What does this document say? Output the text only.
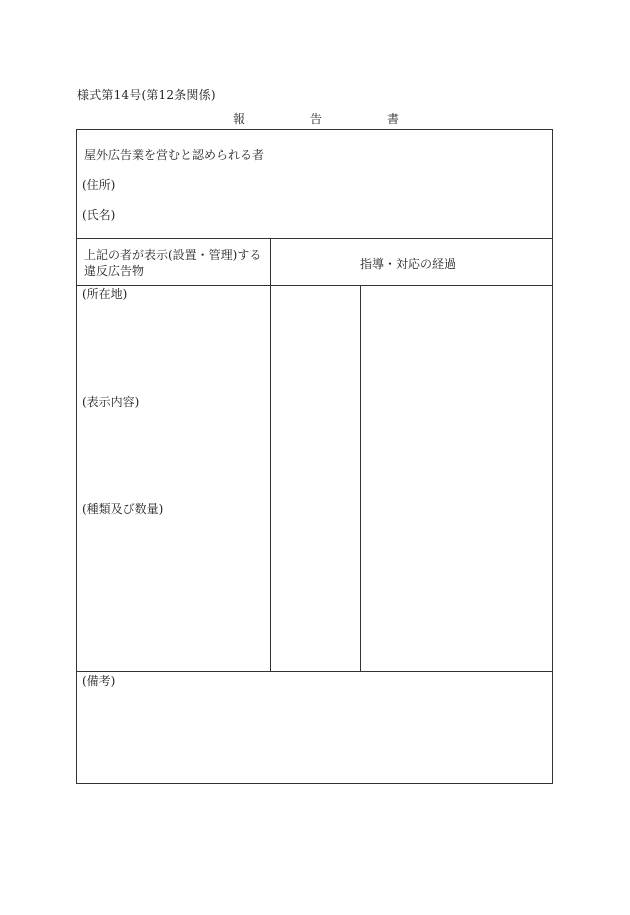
様式第14号(第12条関係)
報	告	書
屋外広告業を営むと認められる者
(住所)
(氏名)
上記の者が表示(設置・管理)する違反広告物	指導・対応の経過
(所在地)
(表示内容)
(種類及び数量)
(備考)
